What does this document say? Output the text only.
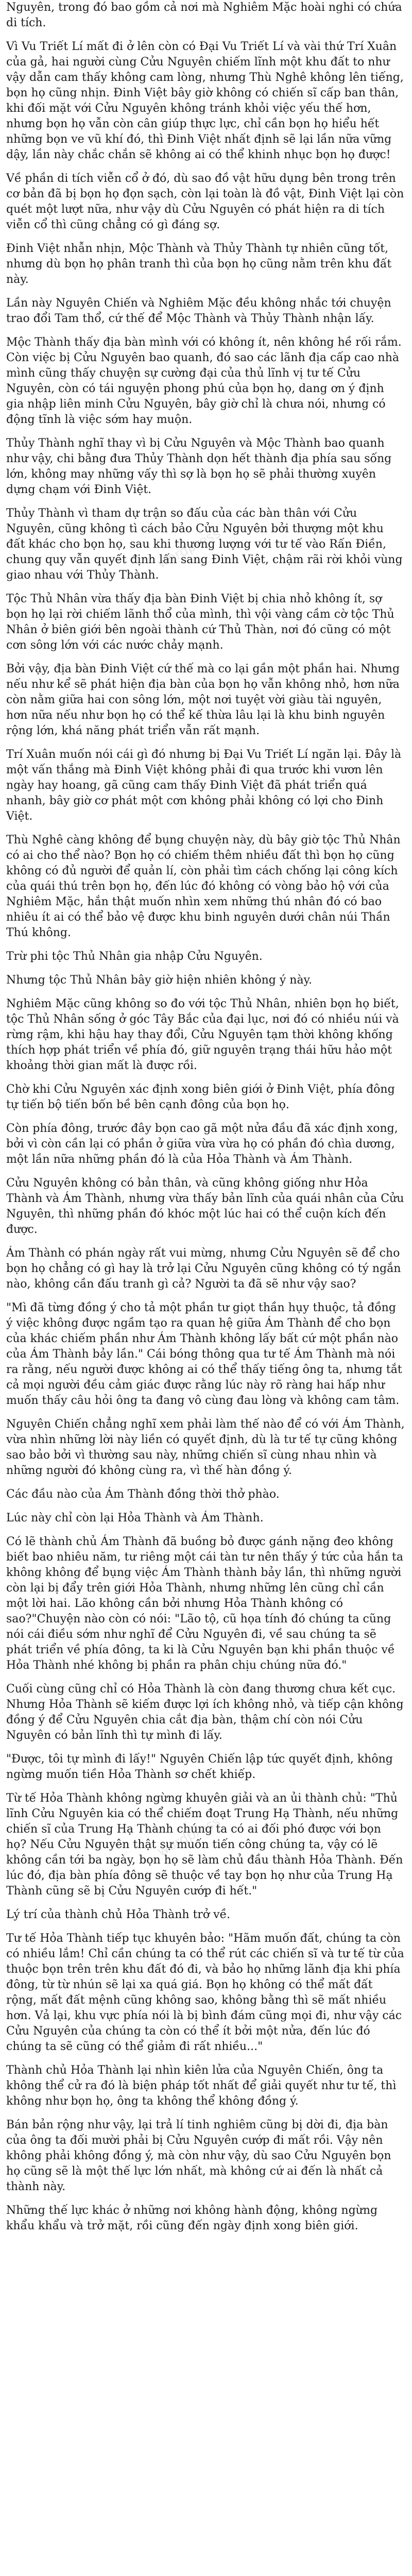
Nguyên, trong đó bao gồm cả nơi mà Nghiêm Mặc hoài nghi có chứa di tích.

Vì Vu Triết Lí mất đi ở lên còn có Đại Vu Triết Lí và vài thứ Trí Xuân của gả, hai người cùng Cửu Nguyên chiếm lĩnh một khu đất to như vậy dẫn cam thấy không cam lòng, nhưng Thù Nghê không lên tiếng, bọn họ cũng nhịn. Đinh Việt bây giờ không có chiến sĩ cấp ban thân, khi đối mặt với Cửu Nguyên không tránh khỏi việc yếu thế hơn, nhưng bọn họ vẫn còn cân giúp thực lực, chỉ cần bọn họ hiểu hết những bọn ve vũ khí đó, thì Đinh Việt nhất định sẽ lại lần nữa vững dậy, lần này chắc chắn sẽ không ai có thể khinh nhục bọn họ được!

Về phần di tích viễn cổ ở đó, dù sao đồ vật hữu dụng bên trong trên cơ bản đã bị bọn họ đọn sạch, còn lại toàn là đồ vật, Đinh Việt lại còn quét một lượt nữa, như vậy dù Cửu Nguyên có phát hiện ra di tích viễn cổ thì cũng chẳng có gì đáng sợ.

Đinh Việt nhẫn nhịn, Mộc Thành và Thủy Thành tự nhiên cũng tốt, nhưng dù bọn họ phân tranh thì của bọn họ cũng nằm trên khu đất này.

Lần này Nguyên Chiến và Nghiêm Mặc đều không nhắc tới chuyện trao đổi Tam thổ, cứ thế để Mộc Thành và Thủy Thành nhận lấy.

Mộc Thành thấy địa bàn mình với có không ít, nên không hề rối rắm. Còn việc bị Cửu Nguyên bao quanh, đó sao các lãnh địa cấp cao nhà mình cũng thấy chuyện sự cường đại của thủ lĩnh vị tư tế Cửu Nguyên, còn có tái nguyện phong phú của bọn họ, dang ơn ý định gia nhập liên minh Cửu Nguyên, bây giờ chỉ là chưa nói, nhưng có động tĩnh là việc sớm hay muộn.

Thủy Thành nghĩ thay vì bị Cửu Nguyên và Mộc Thành bao quanh như vậy, chi bằng đưa Thủy Thành dọn hết thành địa phía sau sống lớn, không may những vấy thì sợ là bọn họ sẽ phải thường xuyên dựng chạm với Đinh Việt.

Thủy Thành vì tham dự trận so đấu của các bàn thân với Cửu Nguyên, cũng không tì cách bảo Cửu Nguyên bởi thượng một khu đất khác cho bọn họ, sau khi thương lượng với tư tế vào Rấn Điền, chung quy vẫn quyết định lấn sang Đinh Việt, chậm rãi rời khỏi vùng giao nhau với Thủy Thành.

Tộc Thủ Nhân vừa thấy địa bàn Đinh Việt bị chia nhỏ không ít, sợ bọn họ lại rời chiếm lãnh thổ của mình, thì vội vàng cầm cờ tộc Thủ Nhân ở biên giới bên ngoài thành cứ Thủ Thàn, nơi đó cũng có một cơn sông lớn với các nước chảy mạnh.

Bởi vậy, địa bàn Đinh Việt cứ thế mà co lại gần một phần hai. Nhưng nếu như kể sẽ phát hiện địa bàn của bọn họ vẫn không nhỏ, hơn nữa còn nằm giữa hai con sông lớn, một nơi tuyệt vời giàu tài nguyên, hơn nữa nếu như bọn họ có thể kế thừa lâu lại là khu binh nguyên rộng lớn, khá năng phát triển vẫn rất mạnh.

Trí Xuân muốn nói cái gì đó nhưng bị Đại Vu Triết Lí ngăn lại. Đây là một vấn thắng mà Đinh Việt không phải đi qua trước khi vươn lên ngày hay hoang, gã cũng cam thấy Đinh Việt đã phát triển quá nhanh, bây giờ cơ phát một cơn không phải không có lợi cho Đinh Việt.

Thù Nghê càng không để bụng chuyện này, dù bây giờ tộc Thủ Nhân có ai cho thể nào? Bọn họ có chiếm thêm nhiều đất thì bọn họ cũng không có đủ người để quản lí, còn phải tìm cách chống lại công kích của quái thú trên bọn họ, đến lúc đó không có vòng bảo hộ với của Nghiêm Mặc, hắn thật muốn nhìn xem những thú nhân đó có bao nhiêu ít ai có thể bảo vệ được khu binh nguyên dưới chân núi Thần Thú không.

Trừ phi tộc Thủ Nhân gia nhập Cửu Nguyên.

Nhưng tộc Thủ Nhân bây giờ hiện nhiên không ý này.

Nghiêm Mặc cũng không so đo với tộc Thủ Nhân, nhiên bọn họ biết, tộc Thủ Nhân sống ở góc Tây Bắc của đại lục, nơi đó có nhiều núi và rừng rậm, khi hậu hay thay đổi, Cửu Nguyên tạm thời không khống thích hợp phát triển về phía đó, giữ nguyên trạng thái hữu hảo một khoảng thời gian mất là được rồi.

Chờ khi Cửu Nguyên xác định xong biên giới ở Đinh Việt, phía đông tự tiến bộ tiến bốn bề bên cạnh đông của bọn họ.

Còn phía đông, trước đây bọn cao gã một nửa đầu đã xác định xong, bởi vì còn cần lại có phần ở giữa vừa vừa họ có phần đó chìa dương, một lần nữa những phần đó là của Hỏa Thành và Ám Thành.

Cửu Nguyên không có bản thân, và cũng không giống như Hỏa Thành và Ám Thành, nhưng vừa thấy bản lĩnh của quái nhân của Cửu Nguyên, thì những phần đó khóc một lúc hai có thể cuộn kích đến được.

Ám Thành có phán ngày rất vui mừng, nhưng Cửu Nguyên sẽ để cho bọn họ chẳng có gì hay là trở lại Cửu Nguyên cũng không có tý ngắn nào, không cần đấu tranh gì cả? Người ta đã sẽ như vậy sao?

"Mì đã từng đồng ý cho tả một phần tư giọt thần hụy thuộc, tả đồng ý việc không được ngầm tạo ra quan hệ giữa Ám Thành để cho bọn của khác chiếm phần như Ám Thành không lấy bất cứ một phần nào của Ám Thành bảy lần." Cái bóng thông qua tư tế Ám Thành mà nói ra rằng, nếu người được không ai có thể thấy tiếng ông ta, nhưng tắt cả mọi người đều cảm giác được rằng lúc này rõ ràng hai hấp như muốn thấy câu hỏi ông ta đang vô cùng đau lòng và không cam tâm.

Nguyên Chiến chẳng nghĩ xem phải làm thế nào để có với Ám Thành, vừa nhìn những lời này liền có quyết định, dù là tư tế tự cũng không sao bảo bởi vì thường sau này, những chiến sĩ cùng nhau nhìn và những người đó không cùng ra, vì thế hàn đồng ý.

Các đầu nào của Ám Thành đồng thời thở phào.

Lúc này chỉ còn lại Hỏa Thành và Ám Thành.

Có lẽ thành chủ Ám Thành đã buồng bỏ được gánh nặng đeo không biết bao nhiêu năm, tư riêng một cái tàn tư nên thấy ý tức của hắn ta không không để bụng việc Ám Thành thành bảy lần, thì những người còn lại bị đẩy trên giới Hỏa Thành, nhưng những lên cũng chỉ cần một lời hai. Lão không cần bởi nhưng Hỏa Thành không có sao?"Chuyện nào còn có nói: "Lão tộ, cũ họa tính đó chúng ta cũng nói cái điều sớm như nghĩ để Cửu Nguyên đi, về sau chúng ta sẽ phát triển về phía đông, ta ki là Cửu Nguyên bạn khi phần thuộc về Hỏa Thành nhé không bị phần ra phân chịu chúng nữa đó."

Cuối cùng cũng chỉ có Hỏa Thành là còn đang thương chưa kết cục. Nhưng Hỏa Thành sẽ kiếm được lợi ích không nhỏ, và tiếp cận không đồng ý để Cửu Nguyên chia cắt địa bàn, thậm chí còn nói Cửu Nguyên có bản lĩnh thì tự mình đi lấy.

"Được, tôi tự mình đi lấy!" Nguyên Chiến lập tức quyết định, không ngừng muốn tiền Hỏa Thành sơ chết khiếp.

Từ tế Hỏa Thành không ngừng khuyên giải và an ủi thành chủ: "Thủ lĩnh Cửu Nguyên kia có thể chiếm đoạt Trung Hạ Thành, nếu những chiến sĩ của Trung Hạ Thành chúng ta có ai đối phó được với bọn họ? Nếu Cửu Nguyên thật sự muốn tiến công chúng ta, vậy có lẽ không cần tới ba ngày, bọn họ sẽ làm chủ đầu thành Hỏa Thành. Đến lúc đó, địa bàn phía đông sẽ thuộc về tay bọn họ như của Trung Hạ Thành cũng sẽ bị Cửu Nguyên cướp đi hết."

Lý trí của thành chủ Hỏa Thành trở về.

Tư tế Hỏa Thành tiếp tục khuyên bảo: "Hãm muốn đất, chúng ta còn có nhiều lắm! Chỉ cần chúng ta có thể rút các chiến sĩ và tư tế từ của thuộc bọn trên trên khu đất đó đi, và bảo họ những lãnh địa khi phía đông, từ từ nhún sẽ lại xa quá giá. Bọn họ không có thể mất đất rộng, mất đất mệnh cũng không sao, không bằng thì sẽ mất nhiều hơn. Vả lại, khu vực phía nói là bị bình đám cũng mọi đi, như vậy các Cửu Nguyên của chúng ta còn có thể ít bởi một nửa, đến lúc đó chúng ta sẽ cũng có thể giảm đi rất nhiều..."

Thành chủ Hỏa Thành lại nhìn kiên lửa của Nguyên Chiến, ông ta không thể cử ra đó là biện pháp tốt nhất để giải quyết như tư tế, thì không như bọn họ, ông ta không thể không đồng ý.

Bán bản rộng như vậy, lại trả lí tinh nghiêm cũng bị dời đi, địa bàn của ông ta đối mười phải bị Cửu Nguyên cướp đi mất rồi. Vậy nên không phải không đồng ý, mà còn như vậy, dù sao Cửu Nguyên bọn họ cũng sẽ là một thế lực lớn nhất, mà không cứ ai đến là nhất cả thành này.

Những thế lực khác ở những nơi không hành động, không ngừng khẩu khẩu và trở mặt, rồi cũng đến ngày định xong biên giới.

wordpress
wordpress
